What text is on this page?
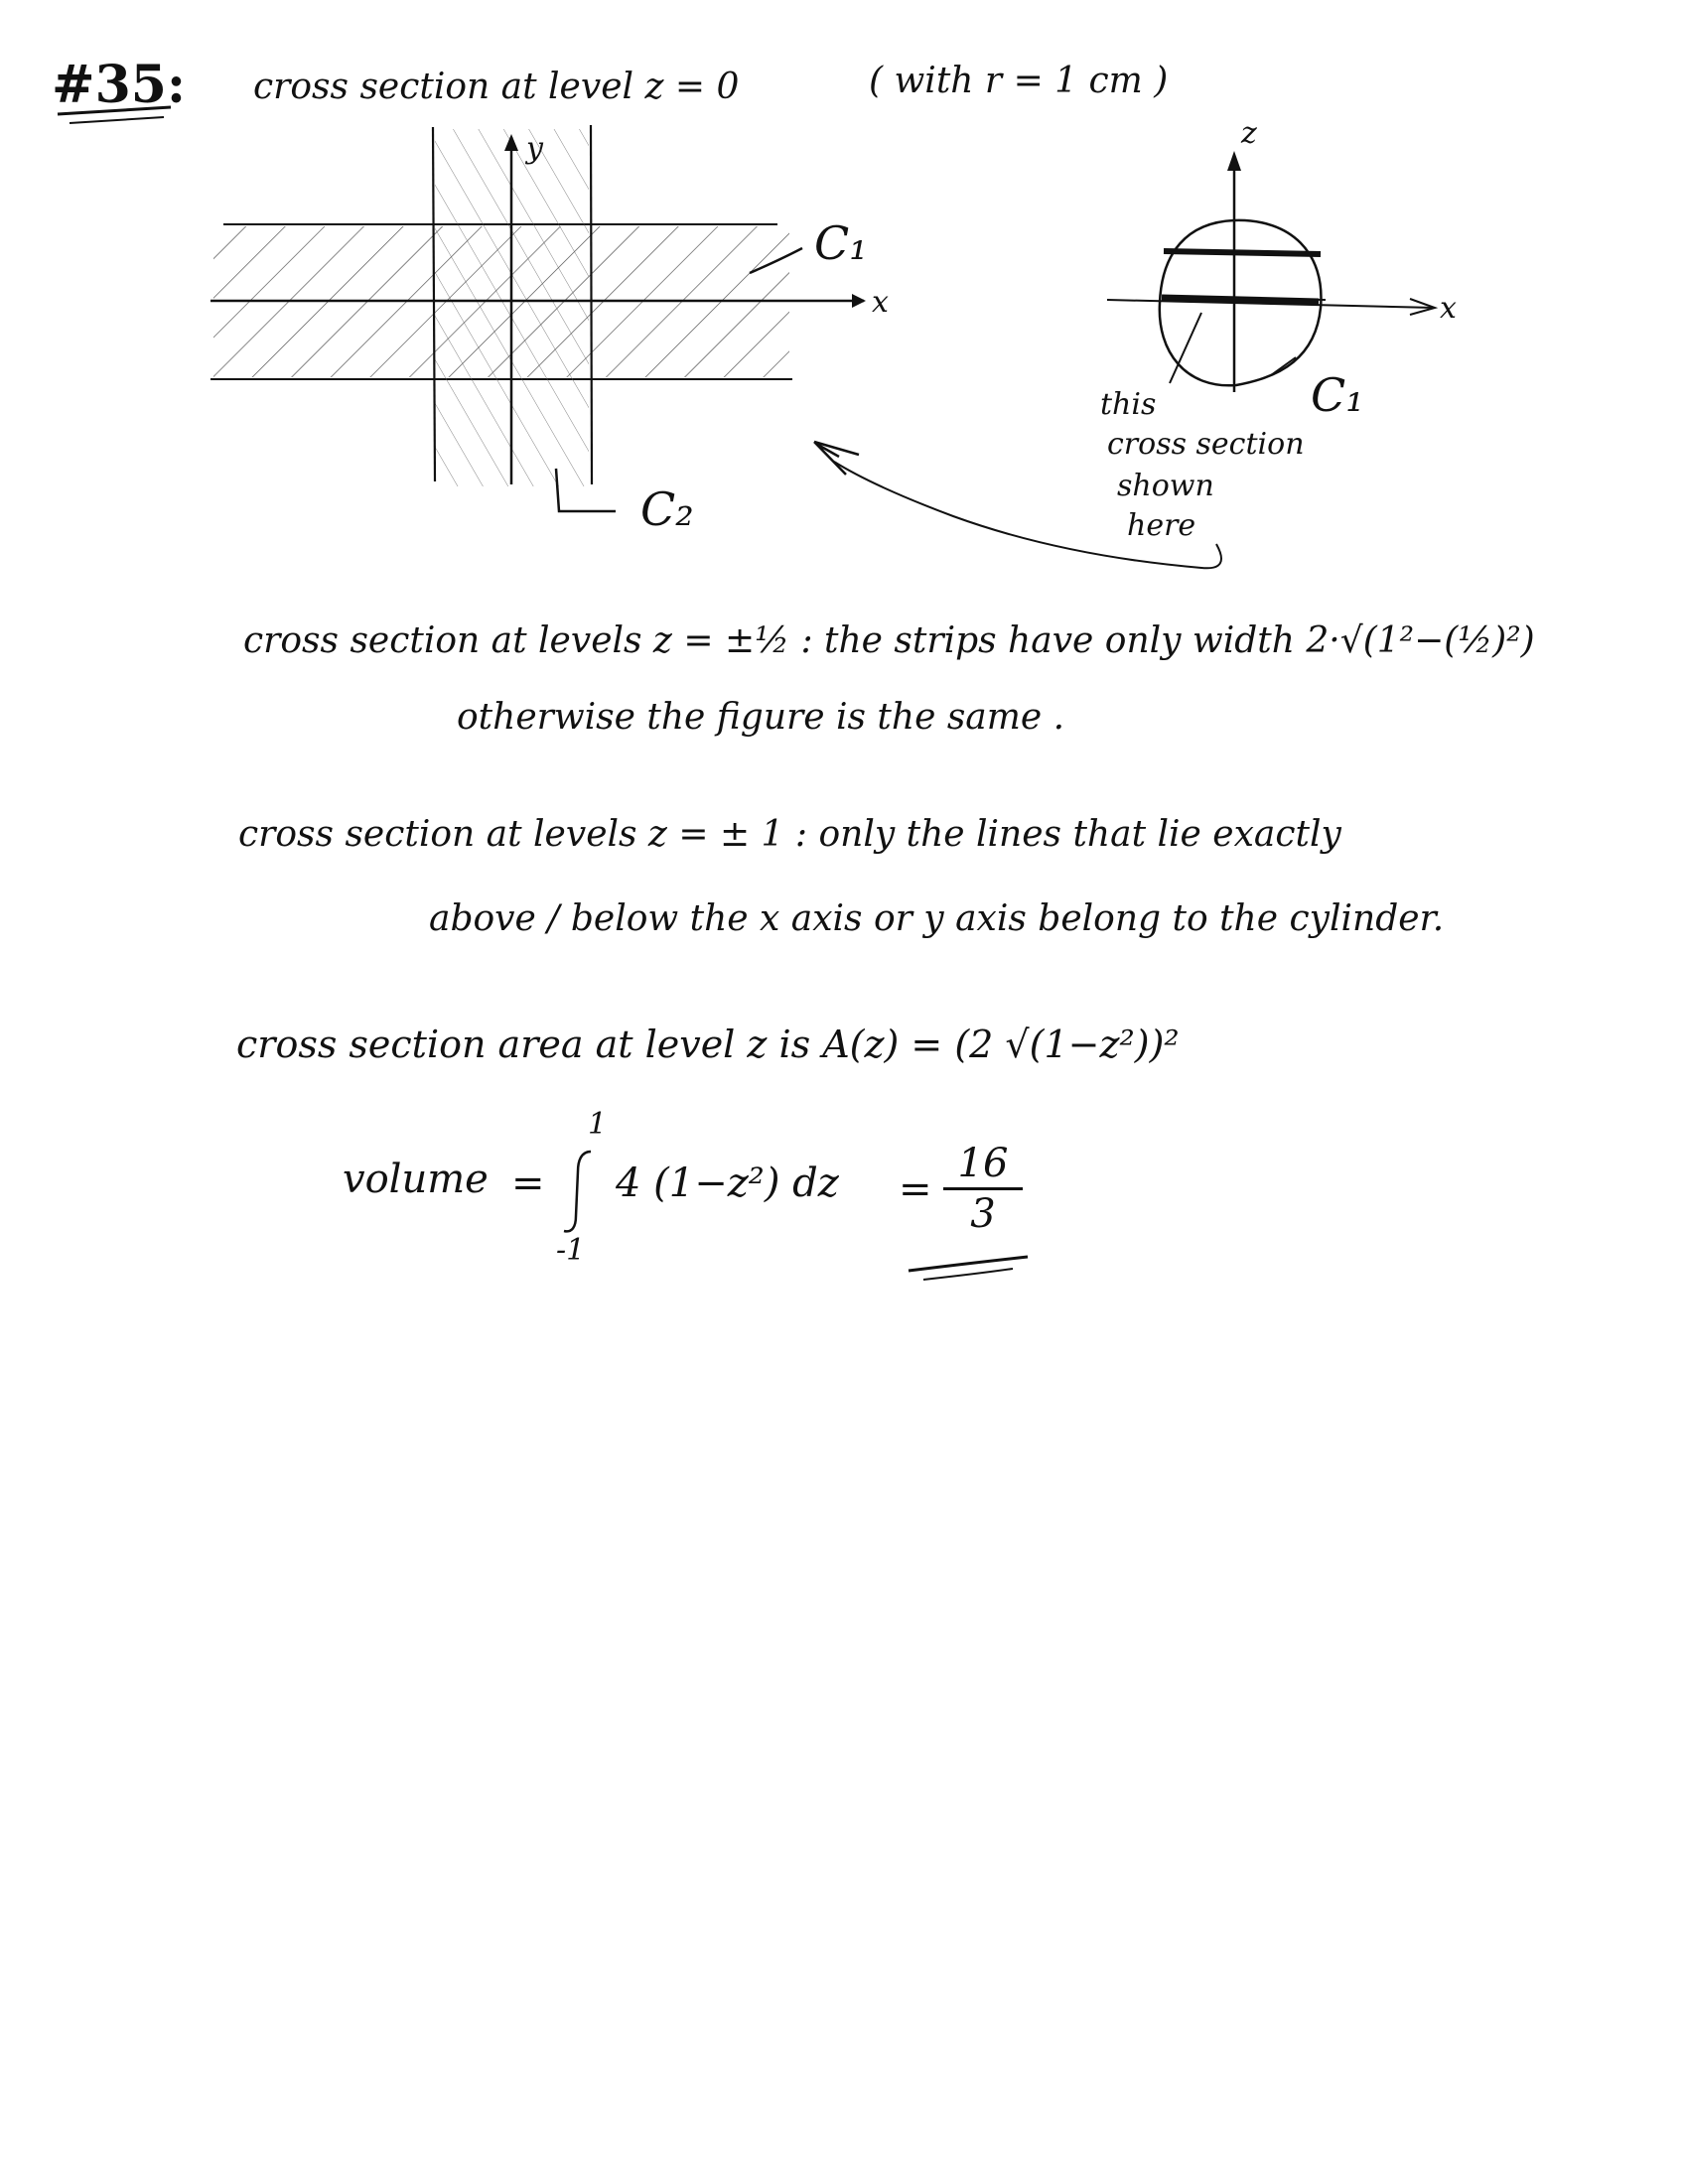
#35: cross section at level z = 0	( with r = 1 cm )
y
x
C₁
C₂
z
x
C₁
this
cross section
shown
here
cross section at levels z = ±½ : the strips have only width 2·√(1²−(½)²)
otherwise the figure is the same .
cross section at levels z = ± 1 : only the lines that lie exactly
above / below the x axis or y axis belong to the cylinder.
cross section area at level z is A(z) = (2 √(1−z²))²
volume =
1
-1
4 (1−z²) dz = $\frac{16}{3}$
